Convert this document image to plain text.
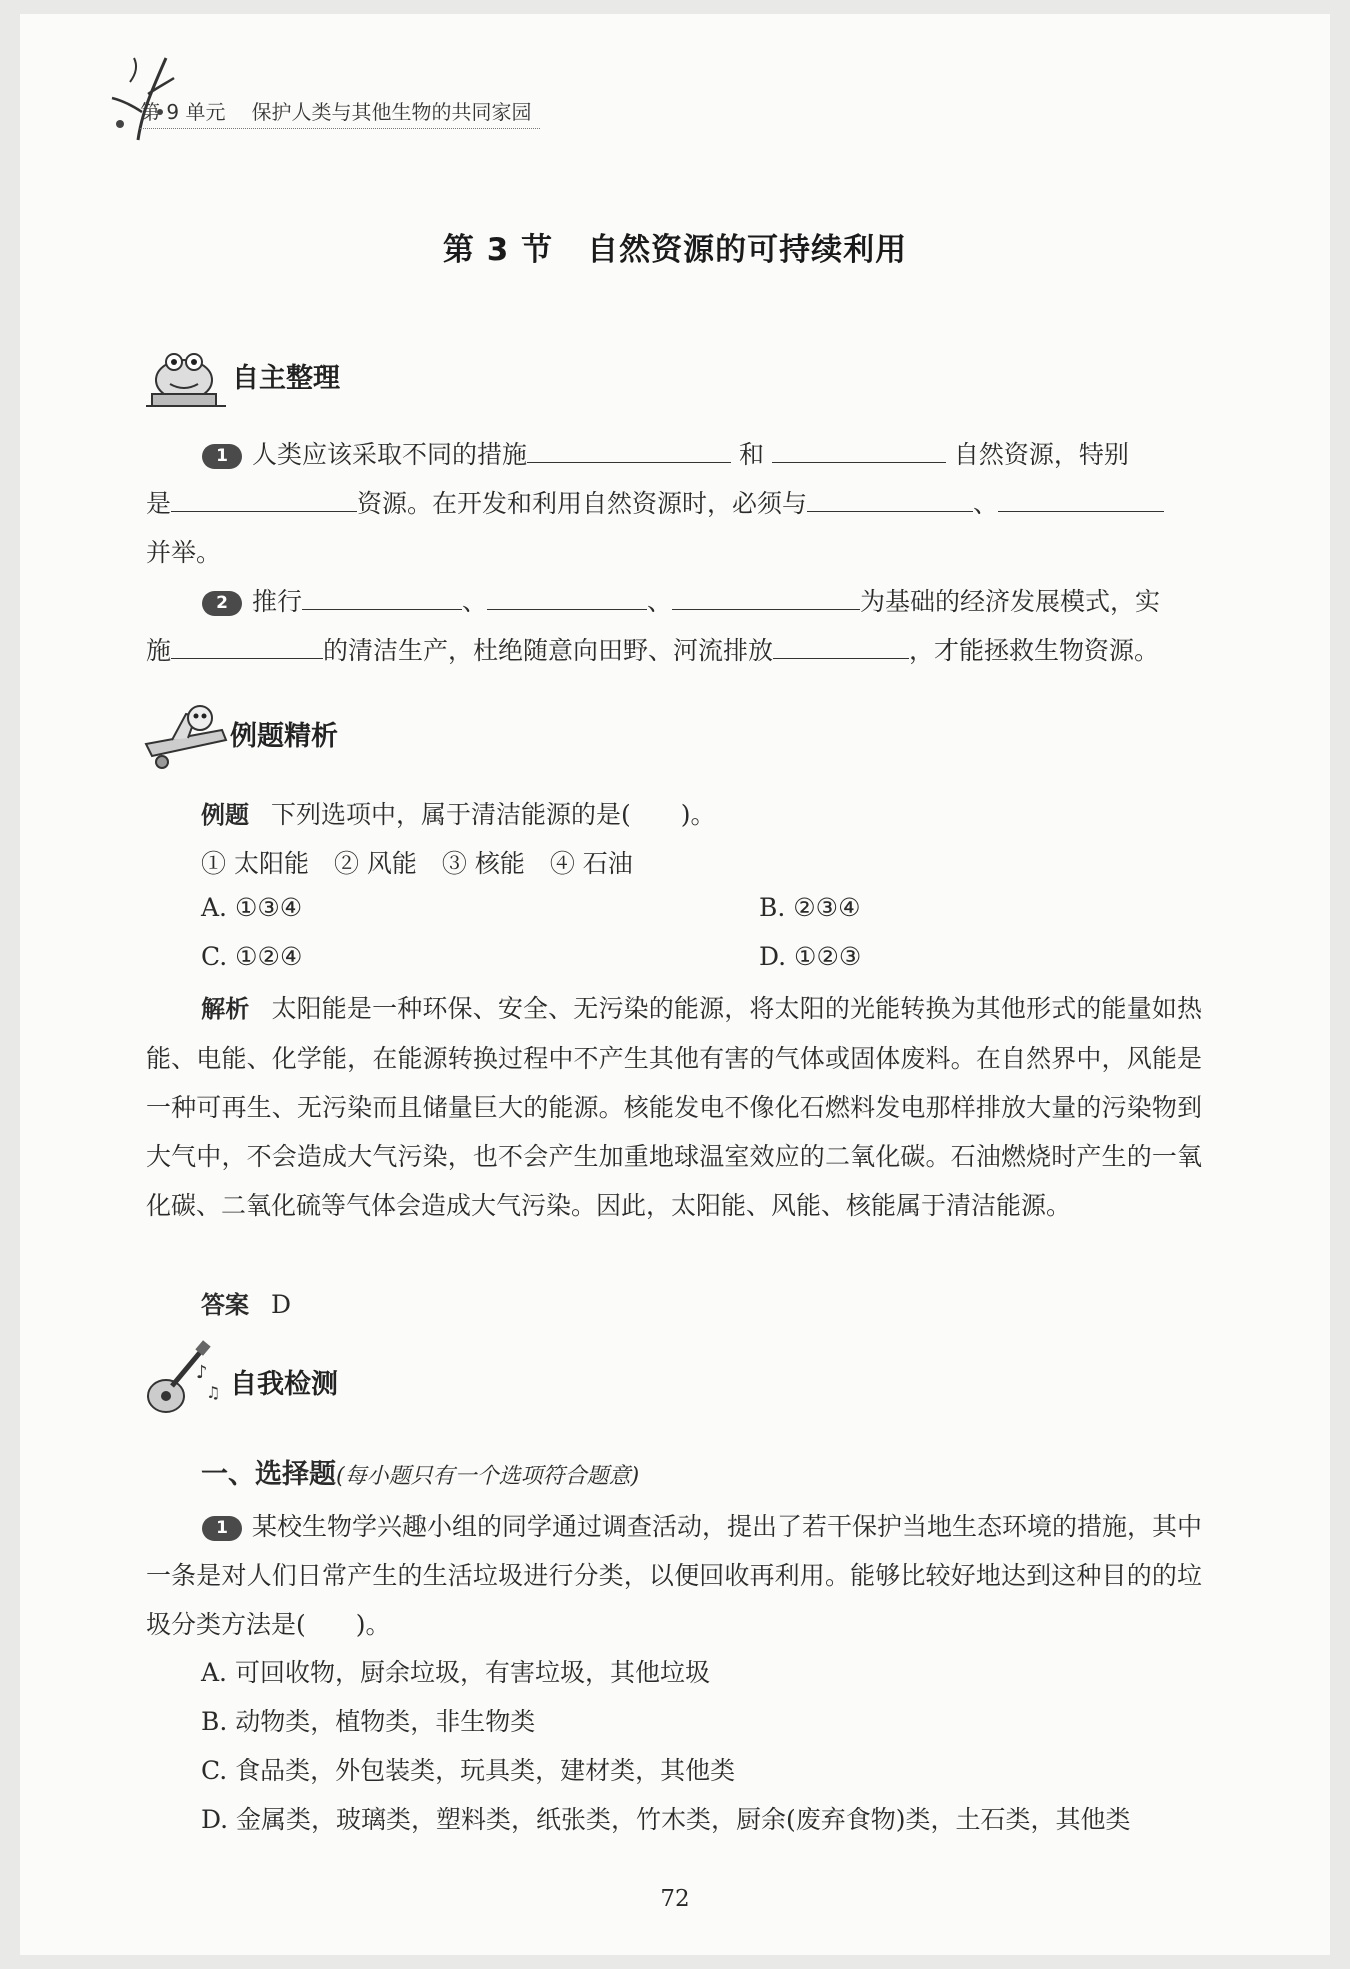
第 9 单元 保护人类与其他生物的共同家园
第 3 节 自然资源的可持续利用
自主整理
1 人类应该采取不同的措施	和	自然资源，特别
是	资源。在开发和利用自然资源时，必须与	、
并举。
2 推行	、	、	为基础的经济发展模式，实
施	的清洁生产，杜绝随意向田野、河流排放	，才能拯救生物资源。
例题精析
例题 下列选项中，属于清洁能源的是(　　)。
① 太阳能　② 风能　③ 核能　④ 石油
A. ①③④	B. ②③④
C. ①②④	D. ①②③
解析 太阳能是一种环保、安全、无污染的能源，将太阳的光能转换为其他形式的能量如热能、电能、化学能，在能源转换过程中不产生其他有害的气体或固体废料。在自然界中，风能是一种可再生、无污染而且储量巨大的能源。核能发电不像化石燃料发电那样排放大量的污染物到大气中，不会造成大气污染，也不会产生加重地球温室效应的二氧化碳。石油燃烧时产生的一氧化碳、二氧化硫等气体会造成大气污染。因此，太阳能、风能、核能属于清洁能源。
答案 D
♪
♫ 自我检测
一、选择题(每小题只有一个选项符合题意)
1 某校生物学兴趣小组的同学通过调查活动，提出了若干保护当地生态环境的措施，其中一条是对人们日常产生的生活垃圾进行分类，以便回收再利用。能够比较好地达到这种目的的垃圾分类方法是(　　)。
A. 可回收物，厨余垃圾，有害垃圾，其他垃圾
B. 动物类，植物类，非生物类
C. 食品类，外包装类，玩具类，建材类，其他类
D. 金属类，玻璃类，塑料类，纸张类，竹木类，厨余(废弃食物)类，土石类，其他类
72
